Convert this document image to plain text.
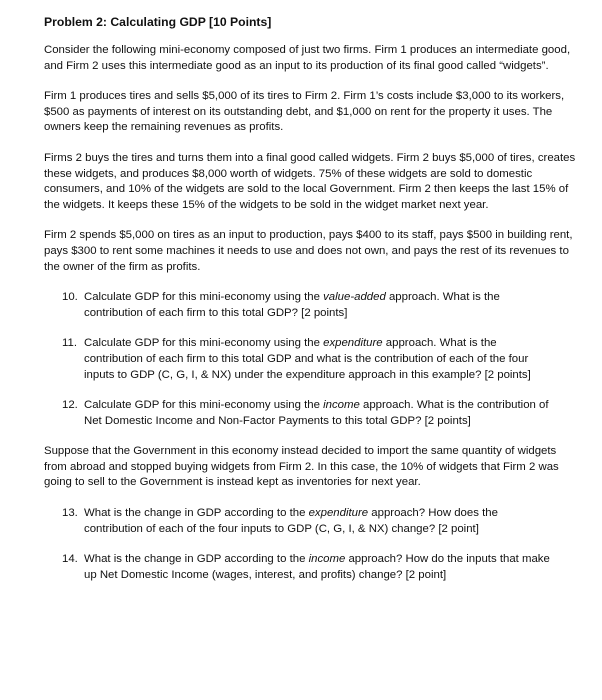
Problem 2: Calculating GDP [10 Points]

Consider the following mini-economy composed of just two firms. Firm 1 produces an intermediate good, and Firm 2 uses this intermediate good as an input to its production of its final good called “widgets”.

Firm 1 produces tires and sells $5,000 of its tires to Firm 2. Firm 1’s costs include $3,000 to its workers, $500 as payments of interest on its outstanding debt, and $1,000 on rent for the property it uses. The owners keep the remaining revenues as profits.

Firms 2 buys the tires and turns them into a final good called widgets. Firm 2 buys $5,000 of tires, creates these widgets, and produces $8,000 worth of widgets. 75% of these widgets are sold to domestic consumers, and 10% of the widgets are sold to the local Government. Firm 2 then keeps the last 15% of the widgets. It keeps these 15% of the widgets to be sold in the widget market next year.

Firm 2 spends $5,000 on tires as an input to production, pays $400 to its staff, pays $500 in building rent, pays $300 to rent some machines it needs to use and does not own, and pays the rest of its revenues to the owner of the firm as profits.

10. Calculate GDP for this mini-economy using the value-added approach. What is the contribution of each firm to this total GDP? [2 points]
11. Calculate GDP for this mini-economy using the expenditure approach. What is the contribution of each firm to this total GDP and what is the contribution of each of the four inputs to GDP (C, G, I, & NX) under the expenditure approach in this example? [2 points]
12. Calculate GDP for this mini-economy using the income approach. What is the contribution of Net Domestic Income and Non-Factor Payments to this total GDP? [2 points]

Suppose that the Government in this economy instead decided to import the same quantity of widgets from abroad and stopped buying widgets from Firm 2. In this case, the 10% of widgets that Firm 2 was going to sell to the Government is instead kept as inventories for next year.

13. What is the change in GDP according to the expenditure approach? How does the contribution of each of the four inputs to GDP (C, G, I, & NX) change? [2 point]
14. What is the change in GDP according to the income approach? How do the inputs that make up Net Domestic Income (wages, interest, and profits) change? [2 point]
